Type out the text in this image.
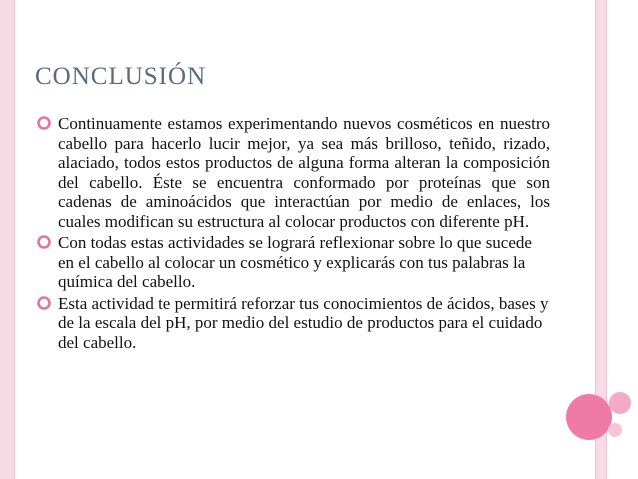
CONCLUSIÓN

Continuamente estamos experimentando nuevos cosméticos en nuestro cabello para hacerlo lucir mejor, ya sea más brilloso, teñido, rizado, alaciado, todos estos productos de alguna forma alteran la composición del cabello. Éste se encuentra conformado por proteínas que son cadenas de aminoácidos que interactúan por medio de enlaces, los cuales modifican su estructura al colocar productos con diferente pH.

Con todas estas actividades se logrará reflexionar sobre lo que sucede en el cabello al colocar un cosmético y explicarás con tus palabras la química del cabello.

Esta actividad te permitirá reforzar tus conocimientos de ácidos, bases y de la escala del pH, por medio del estudio de productos para el cuidado del cabello.
